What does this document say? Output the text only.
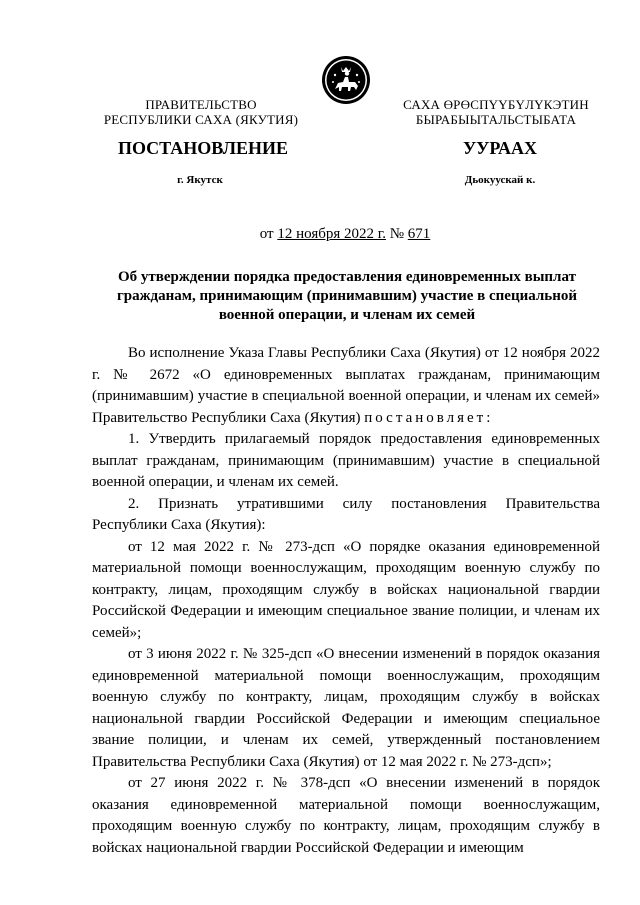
ПРАВИТЕЛЬСТВО
РЕСПУБЛИКИ САХА (ЯКУТИЯ)
САХА ӨРӨСПҮҮБҮЛҮКЭТИН
БЫРАБЫЫТАЛЬСТЫБАТА
ПОСТАНОВЛЕНИЕ	УУРААХ
г. Якутск	Дьокуускай к.
от 12 ноября 2022 г. № 671
Об утверждении порядка предоставления единовременных выплат
гражданам, принимающим (принимавшим) участие в специальной
военной операции, и членам их семей

Во исполнение Указа Главы Республики Саха (Якутия) от 12 ноября 2022 г. № 2672 «О единовременных выплатах гражданам, принимающим (принимавшим) участие в специальной военной операции, и членам их семей» Правительство Республики Саха (Якутия) постановляет:

1. Утвердить прилагаемый порядок предоставления единовременных выплат гражданам, принимающим (принимавшим) участие в специальной военной операции, и членам их семей.

2. Признать утратившими силу постановления Правительства Республики Саха (Якутия):

от 12 мая 2022 г. № 273-дсп «О порядке оказания единовременной материальной помощи военнослужащим, проходящим военную службу по контракту, лицам, проходящим службу в войсках национальной гвардии Российской Федерации и имеющим специальное звание полиции, и членам их семей»;

от 3 июня 2022 г. № 325-дсп «О внесении изменений в порядок оказания единовременной материальной помощи военнослужащим, проходящим военную службу по контракту, лицам, проходящим службу в войсках национальной гвардии Российской Федерации и имеющим специальное звание полиции, и членам их семей, утвержденный постановлением Правительства Республики Саха (Якутия) от 12 мая 2022 г. № 273-дсп»;

от 27 июня 2022 г. № 378-дсп «О внесении изменений в порядок оказания единовременной материальной помощи военнослужащим, проходящим военную службу по контракту, лицам, проходящим службу в войсках национальной гвардии Российской Федерации и имеющим
